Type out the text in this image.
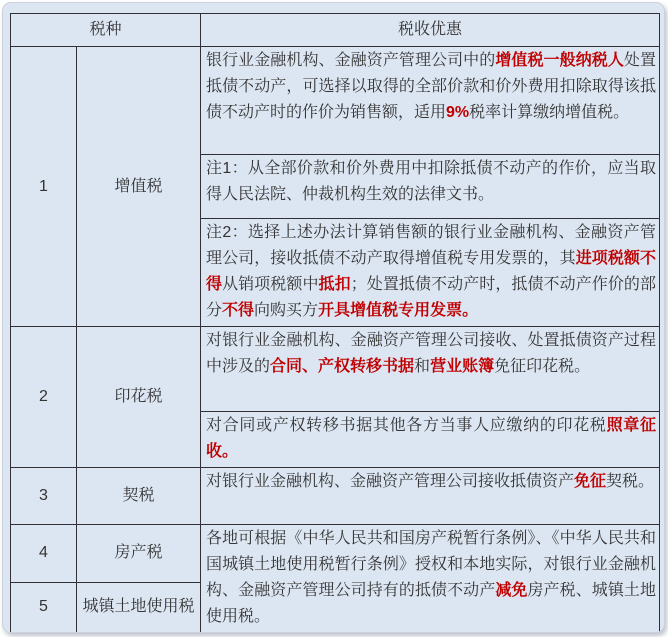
税种		税收优惠
1	增值税	银行业金融机构、金融资产管理公司中的增值税一般纳税人处置抵债不动产，可选择以取得的全部价款和价外费用扣除取得该抵债不动产时的作价为销售额，适用9%税率计算缴纳增值税。
		注1：从全部价款和价外费用中扣除抵债不动产的作价，应当取得人民法院、仲裁机构生效的法律文书。
		注2：选择上述办法计算销售额的银行业金融机构、金融资产管理公司，接收抵债不动产取得增值税专用发票的，其进项税额不得从销项税额中抵扣；处置抵债不动产时，抵债不动产作价的部分不得向购买方开具增值税专用发票。
2	印花税	对银行业金融机构、金融资产管理公司接收、处置抵债资产过程中涉及的合同、产权转移书据和营业账簿免征印花税。
		对合同或产权转移书据其他各方当事人应缴纳的印花税照章征收。
3	契税	对银行业金融机构、金融资产管理公司接收抵债资产免征契税。
4	房产税	各地可根据《中华人民共和国房产税暂行条例》、《中华人民共和国城镇土地使用税暂行条例》授权和本地实际，对银行业金融机构、金融资产管理公司持有的抵债不动产减免房产税、城镇土地使用税。
5	城镇土地使用税	
